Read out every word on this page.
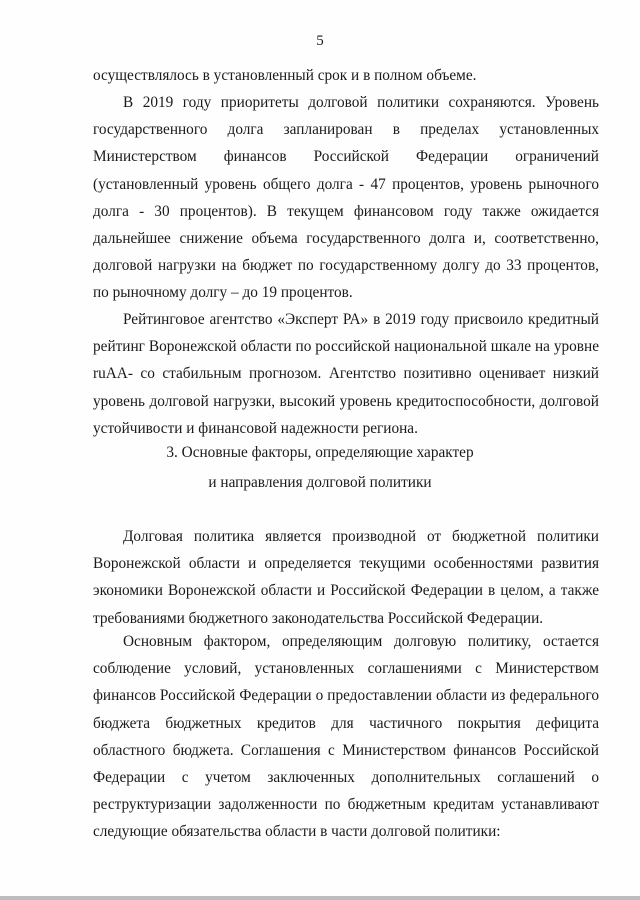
5
осуществлялось в установленный срок и в полном объеме.
В 2019 году приоритеты долговой политики сохраняются. Уровень
государственного долга запланирован в пределах установленных
Министерством финансов Российской Федерации ограничений
(установленный уровень общего долга - 47 процентов, уровень рыночного
долга - 30 процентов). В текущем финансовом году также ожидается
дальнейшее снижение объема государственного долга и, соответственно,
долговой нагрузки на бюджет по государственному долгу до 33 процентов,
по рыночному долгу – до 19 процентов.
Рейтинговое агентство «Эксперт РА» в 2019 году присвоило кредитный
рейтинг Воронежской области по российской национальной шкале на уровне
ruAA- со стабильным прогнозом. Агентство позитивно оценивает низкий
уровень долговой нагрузки, высокий уровень кредитоспособности, долговой
устойчивости и финансовой надежности региона.
3. Основные факторы, определяющие характер
и направления долговой политики
Долговая политика является производной от бюджетной политики
Воронежской области и определяется текущими особенностями развития
экономики Воронежской области и Российской Федерации в целом, а также
требованиями бюджетного законодательства Российской Федерации.
Основным фактором, определяющим долговую политику, остается
соблюдение условий, установленных соглашениями с Министерством
финансов Российской Федерации о предоставлении области из федерального
бюджета бюджетных кредитов для частичного покрытия дефицита
областного бюджета. Соглашения с Министерством финансов Российской
Федерации с учетом заключенных дополнительных соглашений о
реструктуризации задолженности по бюджетным кредитам устанавливают
следующие обязательства области в части долговой политики:
